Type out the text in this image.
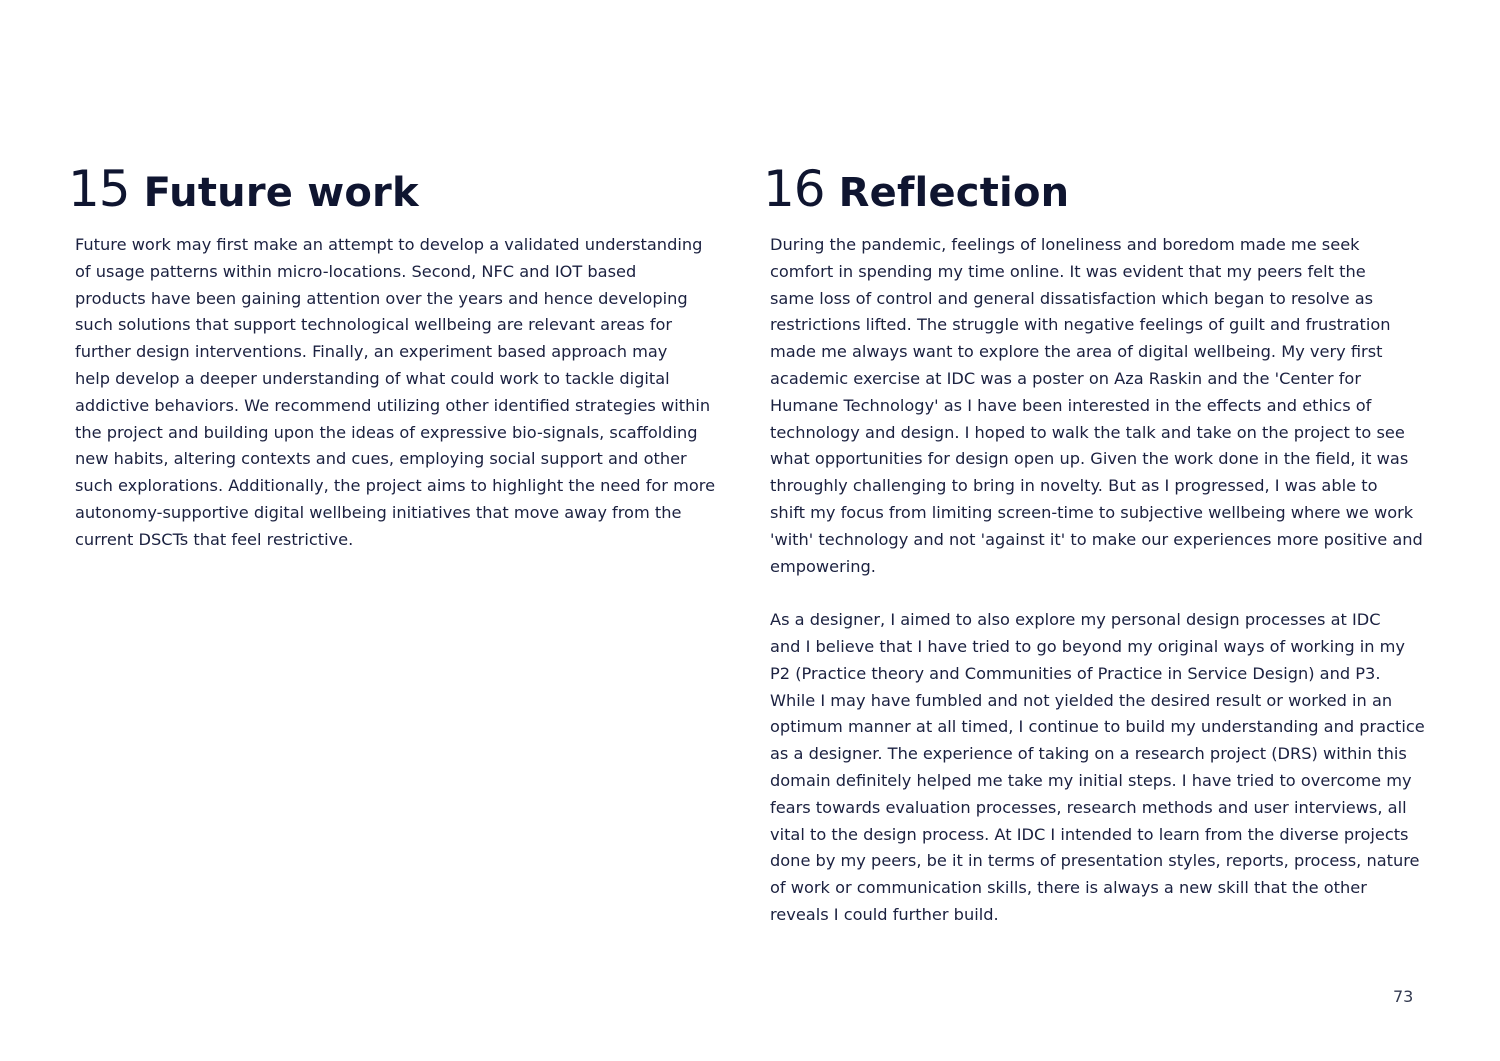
15 Future work

Future work may first make an attempt to develop a validated understanding
of usage patterns within micro-locations. Second, NFC and IOT based
products have been gaining attention over the years and hence developing
such solutions that support technological wellbeing are relevant areas for
further design interventions. Finally, an experiment based approach may
help develop a deeper understanding of what could work to tackle digital
addictive behaviors. We recommend utilizing other identified strategies within
the project and building upon the ideas of expressive bio-signals, scaffolding
new habits, altering contexts and cues, employing social support and other
such explorations. Additionally, the project aims to highlight the need for more
autonomy-supportive digital wellbeing initiatives that move away from the
current DSCTs that feel restrictive.

16 Reflection

During the pandemic, feelings of loneliness and boredom made me seek
comfort in spending my time online. It was evident that my peers felt the
same loss of control and general dissatisfaction which began to resolve as
restrictions lifted. The struggle with negative feelings of guilt and frustration
made me always want to explore the area of digital wellbeing. My very first
academic exercise at IDC was a poster on Aza Raskin and the 'Center for
Humane Technology' as I have been interested in the effects and ethics of
technology and design. I hoped to walk the talk and take on the project to see
what opportunities for design open up. Given the work done in the field, it was
throughly challenging to bring in novelty. But as I progressed, I was able to
shift my focus from limiting screen-time to subjective wellbeing where we work
'with' technology and not 'against it' to make our experiences more positive and
empowering.

As a designer, I aimed to also explore my personal design processes at IDC
and I believe that I have tried to go beyond my original ways of working in my
P2 (Practice theory and Communities of Practice in Service Design) and P3.
While I may have fumbled and not yielded the desired result or worked in an
optimum manner at all timed, I continue to build my understanding and practice
as a designer. The experience of taking on a research project (DRS) within this
domain definitely helped me take my initial steps. I have tried to overcome my
fears towards evaluation processes, research methods and user interviews, all
vital to the design process. At IDC I intended to learn from the diverse projects
done by my peers, be it in terms of presentation styles, reports, process, nature
of work or communication skills, there is always a new skill that the other
reveals I could further build.

73
